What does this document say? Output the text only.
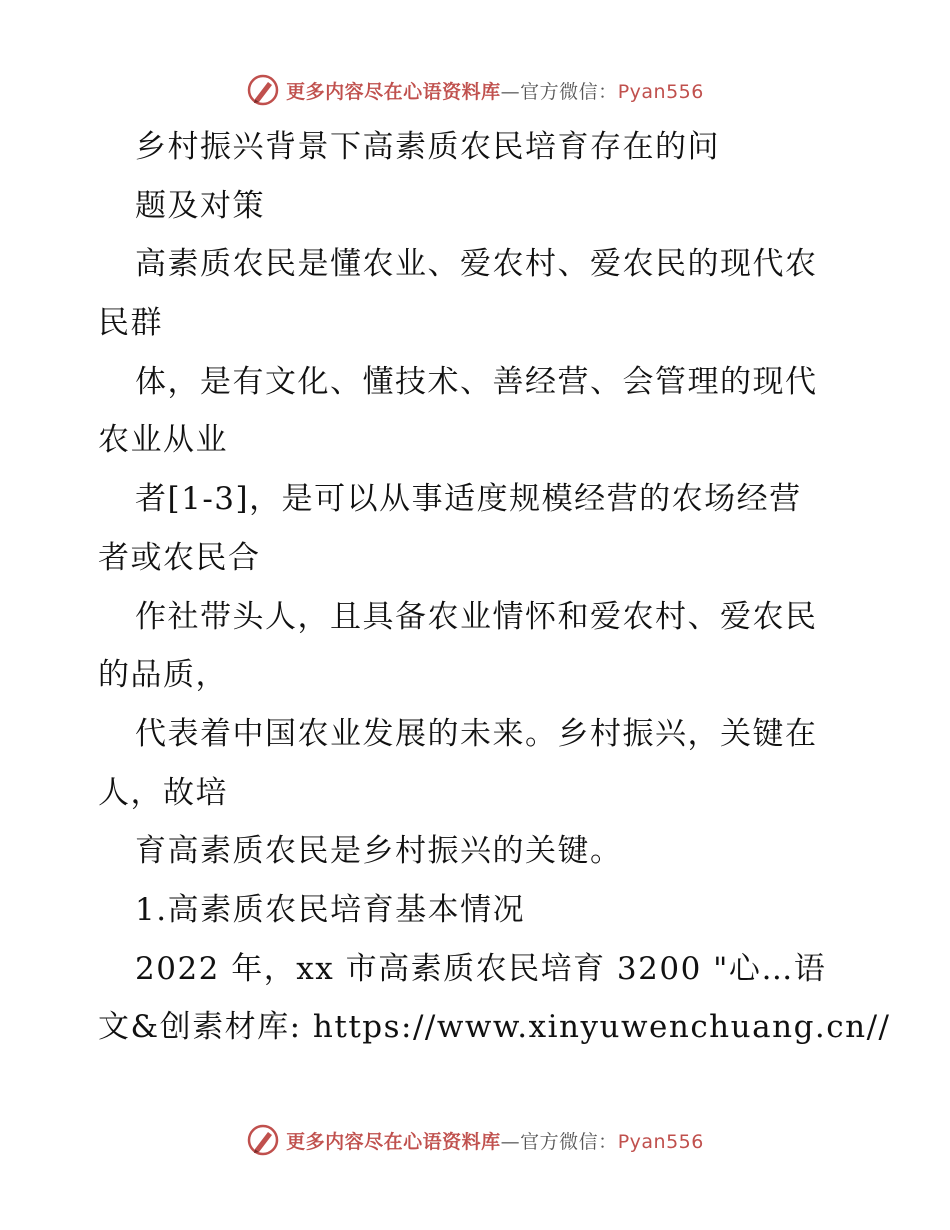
更多内容尽在心语资料库—官方微信：Pyan556
乡村振兴背景下高素质农民培育存在的问
题及对策
高素质农民是懂农业、爱农村、爱农民的现代农
民群
体，是有文化、懂技术、善经营、会管理的现代
农业从业
者[1-3]，是可以从事适度规模经营的农场经营
者或农民合
作社带头人，且具备农业情怀和爱农村、爱农民
的品质，
代表着中国农业发展的未来。乡村振兴，关键在
人，故培
育高素质农民是乡村振兴的关键。
1.高素质农民培育基本情况
2022 年，xx 市高素质农民培育 3200 "心…语
文&创素材库: https://www.xinyuwenchuang.cn//
更多内容尽在心语资料库—官方微信：Pyan556
